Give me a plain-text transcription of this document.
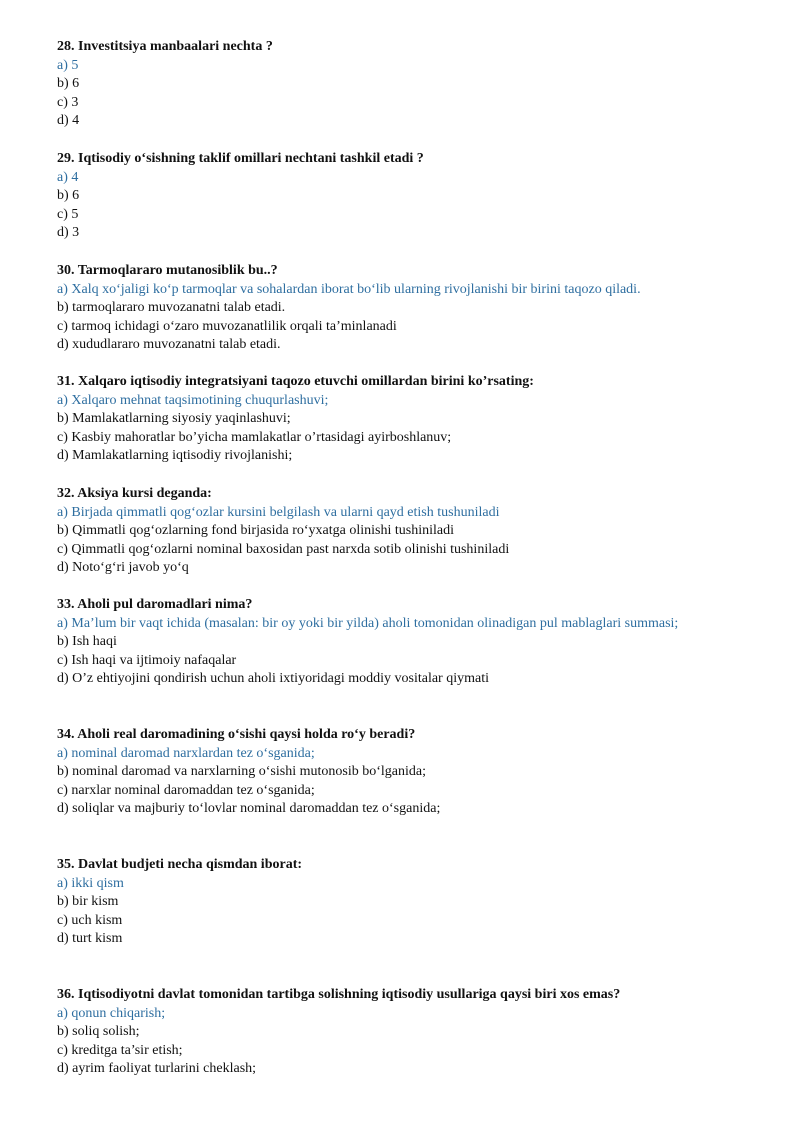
28. Investitsiya manbaalari nechta ?
a) 5
b) 6
c) 3
d) 4
29. Iqtisodiy o‘sishning taklif omillari nechtani tashkil etadi ?
a) 4
b) 6
c) 5
d) 3
30. Tarmoqlararo mutanosiblik bu..?
a) Xalq xo‘jaligi ko‘p tarmoqlar va sohalardan iborat bo‘lib ularning rivojlanishi bir birini taqozo qiladi.
b) tarmoqlararo muvozanatni talab etadi.
c) tarmoq ichidagi o‘zaro muvozanatlilik orqali ta’minlanadi
d) xududlararo muvozanatni talab etadi.
31. Xalqaro iqtisodiy integratsiyani taqozo etuvchi omillardan birini ko’rsating:
a) Xalqaro mehnat taqsimotining chuqurlashuvi;
b) Mamlakatlarning siyosiy yaqinlashuvi;
c) Kasbiy mahoratlar bo’yicha mamlakatlar o’rtasidagi ayirboshlanuv;
d) Mamlakatlarning iqtisodiy rivojlanishi;
32. Aksiya kursi deganda:
a) Birjada qimmatli qog‘ozlar kursini belgilash va ularni qayd etish tushuniladi
b) Qimmatli qog‘ozlarning fond birjasida ro‘yxatga olinishi tushiniladi
c) Qimmatli qog‘ozlarni nominal baxosidan past narxda sotib olinishi tushiniladi
d) Noto‘g‘ri javob yo‘q
33. Aholi pul daromadlari nima?
a) Ma’lum bir vaqt ichida (masalan: bir oy yoki bir yilda) aholi tomonidan olinadigan pul mablaglari summasi;
b) Ish haqi
c) Ish haqi va ijtimoiy nafaqalar
d) O’z ehtiyojini qondirish uchun aholi ixtiyoridagi moddiy vositalar qiymati
34. Aholi real daromadining o‘sishi qaysi holda ro‘y beradi?
a) nominal daromad narxlardan tez o‘sganida;
b) nominal daromad va narxlarning o‘sishi mutonosib bo‘lganida;
c) narxlar nominal daromaddan tez o‘sganida;
d) soliqlar va majburiy to‘lovlar nominal daromaddan tez o‘sganida;
35. Davlat budjeti necha qismdan iborat:
a) ikki qism
b) bir kism
c) uch kism
d) turt kism
36. Iqtisodiyotni davlat tomonidan tartibga solishning iqtisodiy usullariga qaysi biri xos emas?
a) qonun chiqarish;
b) soliq solish;
c) kreditga ta’sir etish;
d) ayrim faoliyat turlarini cheklash;
